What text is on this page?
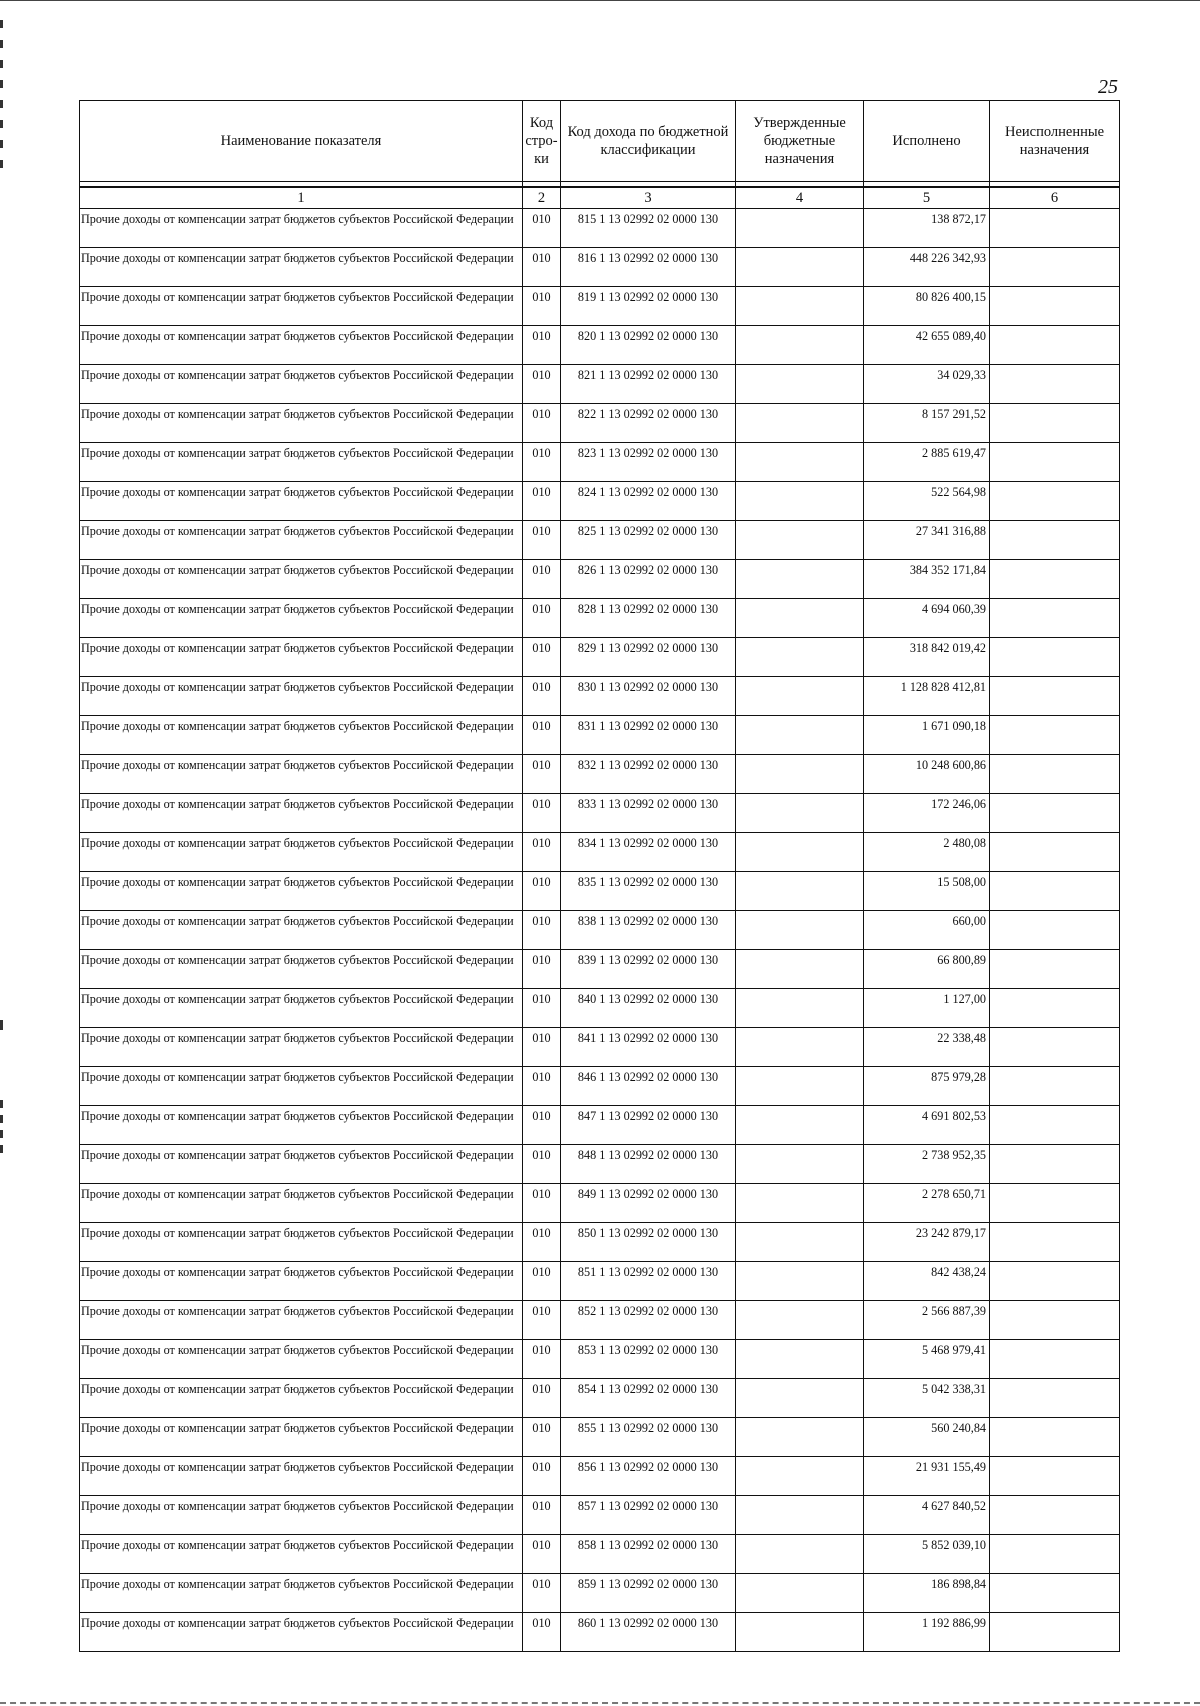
25
Наименование показателя	Код стро- ки	Код дохода по бюджетной классификации	Утвержденные бюджетные назначения	Исполнено	Неисполненные назначения

1	2	3	4	5	6
Прочие доходы от компенсации затрат бюджетов субъектов Российской Федерации	010	815 1 13 02992 02 0000 130		138 872,17	
Прочие доходы от компенсации затрат бюджетов субъектов Российской Федерации	010	816 1 13 02992 02 0000 130		448 226 342,93	
Прочие доходы от компенсации затрат бюджетов субъектов Российской Федерации	010	819 1 13 02992 02 0000 130		80 826 400,15	
Прочие доходы от компенсации затрат бюджетов субъектов Российской Федерации	010	820 1 13 02992 02 0000 130		42 655 089,40	
Прочие доходы от компенсации затрат бюджетов субъектов Российской Федерации	010	821 1 13 02992 02 0000 130		34 029,33	
Прочие доходы от компенсации затрат бюджетов субъектов Российской Федерации	010	822 1 13 02992 02 0000 130		8 157 291,52	
Прочие доходы от компенсации затрат бюджетов субъектов Российской Федерации	010	823 1 13 02992 02 0000 130		2 885 619,47	
Прочие доходы от компенсации затрат бюджетов субъектов Российской Федерации	010	824 1 13 02992 02 0000 130		522 564,98	
Прочие доходы от компенсации затрат бюджетов субъектов Российской Федерации	010	825 1 13 02992 02 0000 130		27 341 316,88	
Прочие доходы от компенсации затрат бюджетов субъектов Российской Федерации	010	826 1 13 02992 02 0000 130		384 352 171,84	
Прочие доходы от компенсации затрат бюджетов субъектов Российской Федерации	010	828 1 13 02992 02 0000 130		4 694 060,39	
Прочие доходы от компенсации затрат бюджетов субъектов Российской Федерации	010	829 1 13 02992 02 0000 130		318 842 019,42	
Прочие доходы от компенсации затрат бюджетов субъектов Российской Федерации	010	830 1 13 02992 02 0000 130		1 128 828 412,81	
Прочие доходы от компенсации затрат бюджетов субъектов Российской Федерации	010	831 1 13 02992 02 0000 130		1 671 090,18	
Прочие доходы от компенсации затрат бюджетов субъектов Российской Федерации	010	832 1 13 02992 02 0000 130		10 248 600,86	
Прочие доходы от компенсации затрат бюджетов субъектов Российской Федерации	010	833 1 13 02992 02 0000 130		172 246,06	
Прочие доходы от компенсации затрат бюджетов субъектов Российской Федерации	010	834 1 13 02992 02 0000 130		2 480,08	
Прочие доходы от компенсации затрат бюджетов субъектов Российской Федерации	010	835 1 13 02992 02 0000 130		15 508,00	
Прочие доходы от компенсации затрат бюджетов субъектов Российской Федерации	010	838 1 13 02992 02 0000 130		660,00	
Прочие доходы от компенсации затрат бюджетов субъектов Российской Федерации	010	839 1 13 02992 02 0000 130		66 800,89	
Прочие доходы от компенсации затрат бюджетов субъектов Российской Федерации	010	840 1 13 02992 02 0000 130		1 127,00	
Прочие доходы от компенсации затрат бюджетов субъектов Российской Федерации	010	841 1 13 02992 02 0000 130		22 338,48	
Прочие доходы от компенсации затрат бюджетов субъектов Российской Федерации	010	846 1 13 02992 02 0000 130		875 979,28	
Прочие доходы от компенсации затрат бюджетов субъектов Российской Федерации	010	847 1 13 02992 02 0000 130		4 691 802,53	
Прочие доходы от компенсации затрат бюджетов субъектов Российской Федерации	010	848 1 13 02992 02 0000 130		2 738 952,35	
Прочие доходы от компенсации затрат бюджетов субъектов Российской Федерации	010	849 1 13 02992 02 0000 130		2 278 650,71	
Прочие доходы от компенсации затрат бюджетов субъектов Российской Федерации	010	850 1 13 02992 02 0000 130		23 242 879,17	
Прочие доходы от компенсации затрат бюджетов субъектов Российской Федерации	010	851 1 13 02992 02 0000 130		842 438,24	
Прочие доходы от компенсации затрат бюджетов субъектов Российской Федерации	010	852 1 13 02992 02 0000 130		2 566 887,39	
Прочие доходы от компенсации затрат бюджетов субъектов Российской Федерации	010	853 1 13 02992 02 0000 130		5 468 979,41	
Прочие доходы от компенсации затрат бюджетов субъектов Российской Федерации	010	854 1 13 02992 02 0000 130		5 042 338,31	
Прочие доходы от компенсации затрат бюджетов субъектов Российской Федерации	010	855 1 13 02992 02 0000 130		560 240,84	
Прочие доходы от компенсации затрат бюджетов субъектов Российской Федерации	010	856 1 13 02992 02 0000 130		21 931 155,49	
Прочие доходы от компенсации затрат бюджетов субъектов Российской Федерации	010	857 1 13 02992 02 0000 130		4 627 840,52	
Прочие доходы от компенсации затрат бюджетов субъектов Российской Федерации	010	858 1 13 02992 02 0000 130		5 852 039,10	
Прочие доходы от компенсации затрат бюджетов субъектов Российской Федерации	010	859 1 13 02992 02 0000 130		186 898,84	
Прочие доходы от компенсации затрат бюджетов субъектов Российской Федерации	010	860 1 13 02992 02 0000 130		1 192 886,99	
